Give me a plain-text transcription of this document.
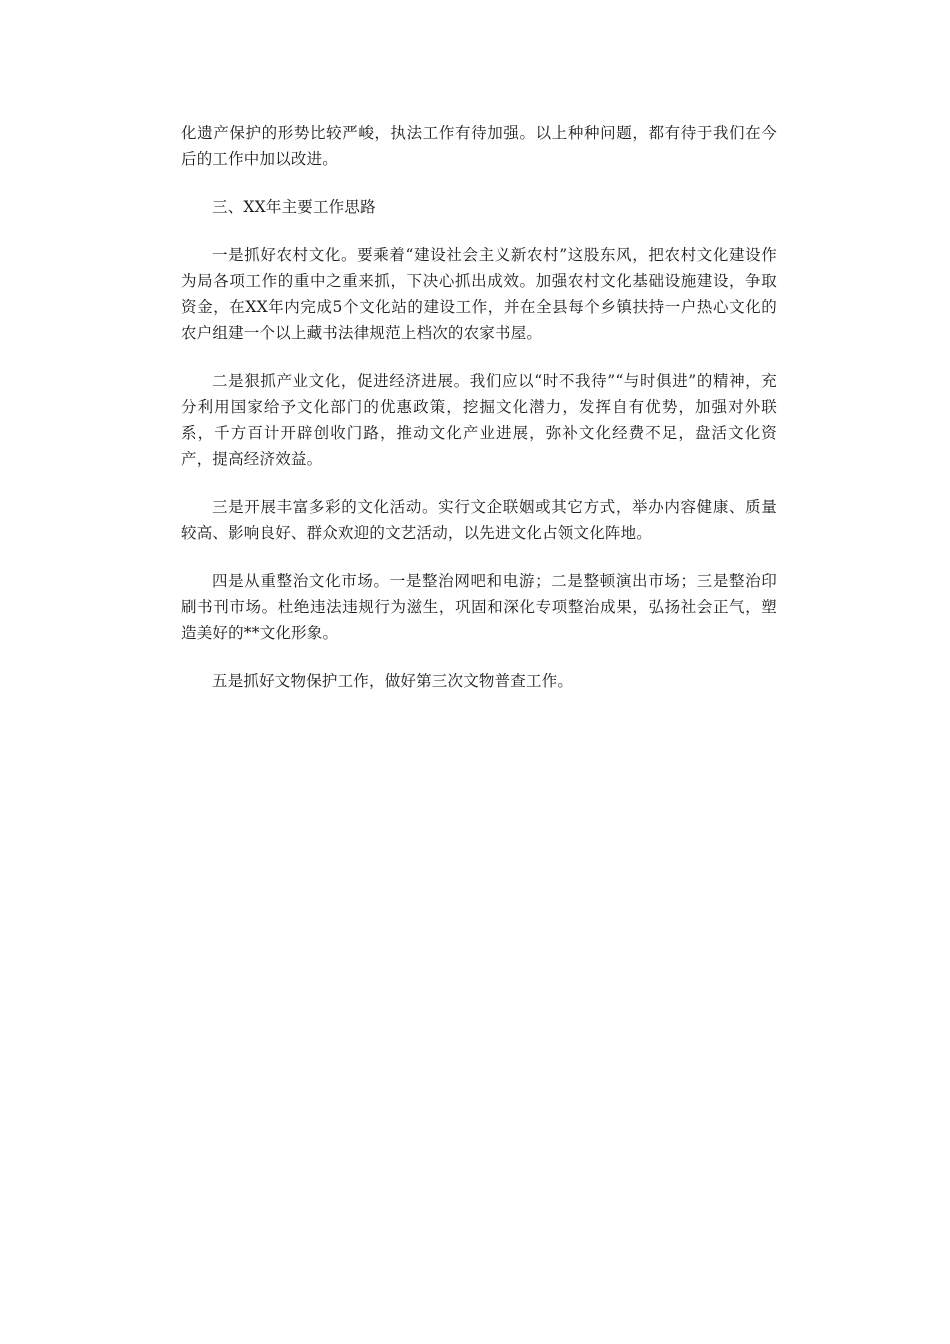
化遗产保护的形势比较严峻，执法工作有待加强。以上种种问题，都有待于我们在今后的工作中加以改进。

三、XX年主要工作思路

一是抓好农村文化。要乘着“建设社会主义新农村”这股东风，把农村文化建设作为局各项工作的重中之重来抓，下决心抓出成效。加强农村文化基础设施建设，争取资金，在XX年内完成5个文化站的建设工作，并在全县每个乡镇扶持一户热心文化的农户组建一个以上藏书法律规范上档次的农家书屋。

二是狠抓产业文化，促进经济进展。我们应以“时不我待”“与时俱进”的精神，充分利用国家给予文化部门的优惠政策，挖掘文化潜力，发挥自有优势，加强对外联系，千方百计开辟创收门路，推动文化产业进展，弥补文化经费不足，盘活文化资产，提高经济效益。

三是开展丰富多彩的文化活动。实行文企联姻或其它方式，举办内容健康、质量较高、影响良好、群众欢迎的文艺活动，以先进文化占领文化阵地。

四是从重整治文化市场。一是整治网吧和电游；二是整顿演出市场；三是整治印刷书刊市场。杜绝违法违规行为滋生，巩固和深化专项整治成果，弘扬社会正气，塑造美好的**文化形象。

五是抓好文物保护工作，做好第三次文物普查工作。
